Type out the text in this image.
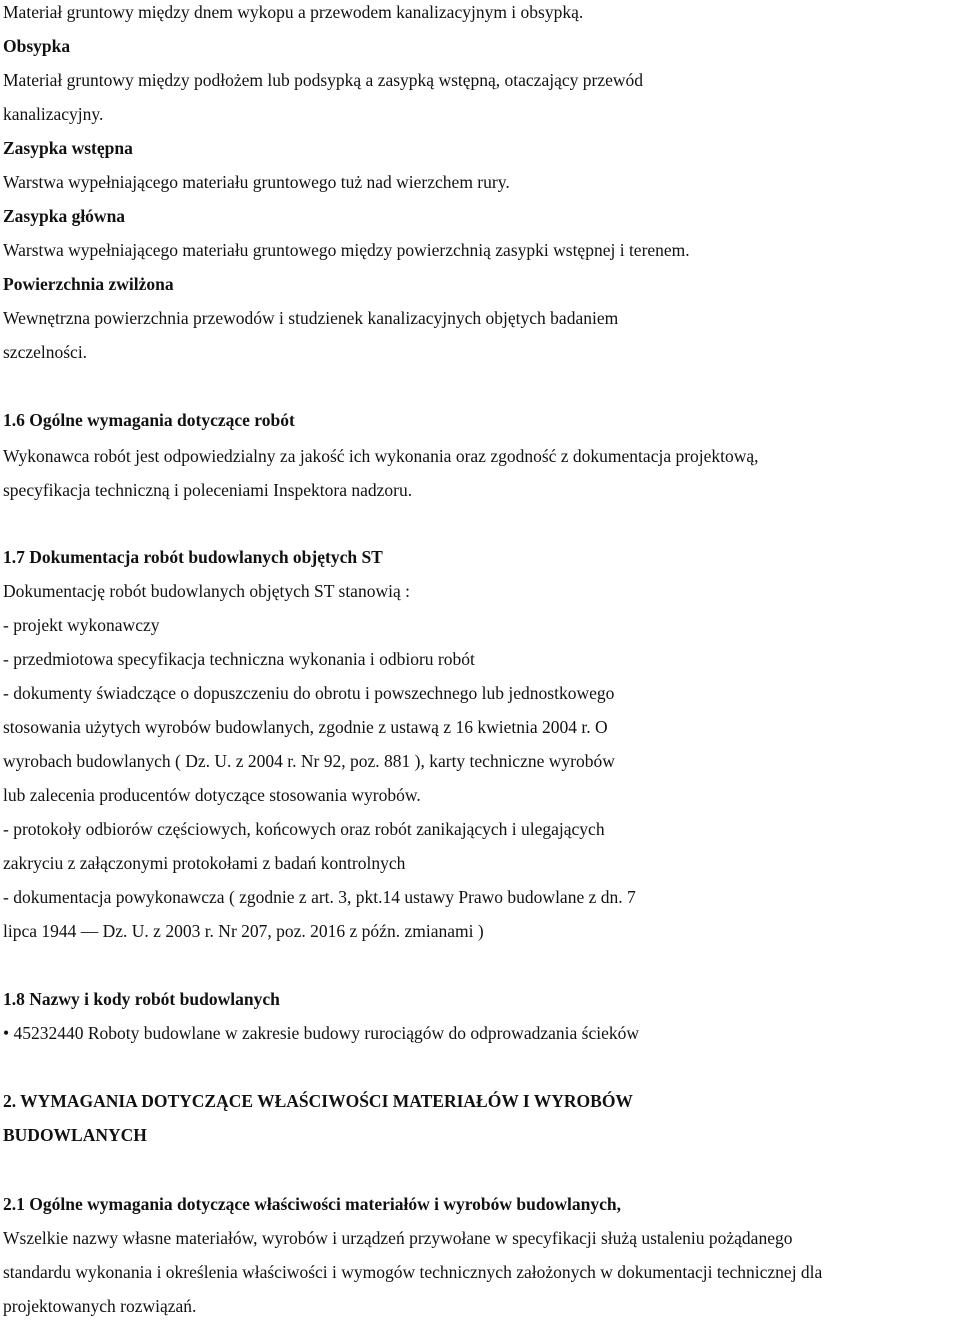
Materiał gruntowy między dnem wykopu a przewodem kanalizacyjnym i obsypką.
Obsypka
Materiał gruntowy między podłożem lub podsypką a zasypką wstępną, otaczający przewód
kanalizacyjny.
Zasypka wstępna
Warstwa wypełniającego materiału gruntowego tuż nad wierzchem rury.
Zasypka główna
Warstwa wypełniającego materiału gruntowego między powierzchnią zasypki wstępnej i terenem.
Powierzchnia zwilżona
Wewnętrzna powierzchnia przewodów i studzienek kanalizacyjnych objętych badaniem
szczelności.
1.6 Ogólne wymagania dotyczące robót
Wykonawca robót jest odpowiedzialny za jakość ich wykonania oraz zgodność z dokumentacja projektową,
specyfikacja techniczną i poleceniami Inspektora nadzoru.
1.7 Dokumentacja robót budowlanych objętych ST
Dokumentację robót budowlanych objętych ST stanowią :
- projekt wykonawczy
- przedmiotowa specyfikacja techniczna wykonania i odbioru robót
- dokumenty świadczące o dopuszczeniu do obrotu i powszechnego lub jednostkowego
stosowania użytych wyrobów budowlanych, zgodnie z ustawą z 16 kwietnia 2004 r. O
wyrobach budowlanych ( Dz. U. z 2004 r. Nr 92, poz. 881 ), karty techniczne wyrobów
lub zalecenia producentów dotyczące stosowania wyrobów.
- protokoły odbiorów częściowych, końcowych oraz robót zanikających i ulegających
zakryciu z załączonymi protokołami z badań kontrolnych
- dokumentacja powykonawcza ( zgodnie z art. 3, pkt.14 ustawy Prawo budowlane z dn. 7
lipca 1944 — Dz. U. z 2003 r. Nr 207, poz. 2016 z późn. zmianami )
1.8 Nazwy i kody robót budowlanych
• 45232440 Roboty budowlane w zakresie budowy rurociągów do odprowadzania ścieków
2. WYMAGANIA DOTYCZĄCE WŁAŚCIWOŚCI MATERIAŁÓW I WYROBÓW
BUDOWLANYCH
2.1 Ogólne wymagania dotyczące właściwości materiałów i wyrobów budowlanych,
Wszelkie nazwy własne materiałów, wyrobów i urządzeń przywołane w specyfikacji służą ustaleniu pożądanego
standardu wykonania i określenia właściwości i wymogów technicznych założonych w dokumentacji technicznej dla
projektowanych rozwiązań.
